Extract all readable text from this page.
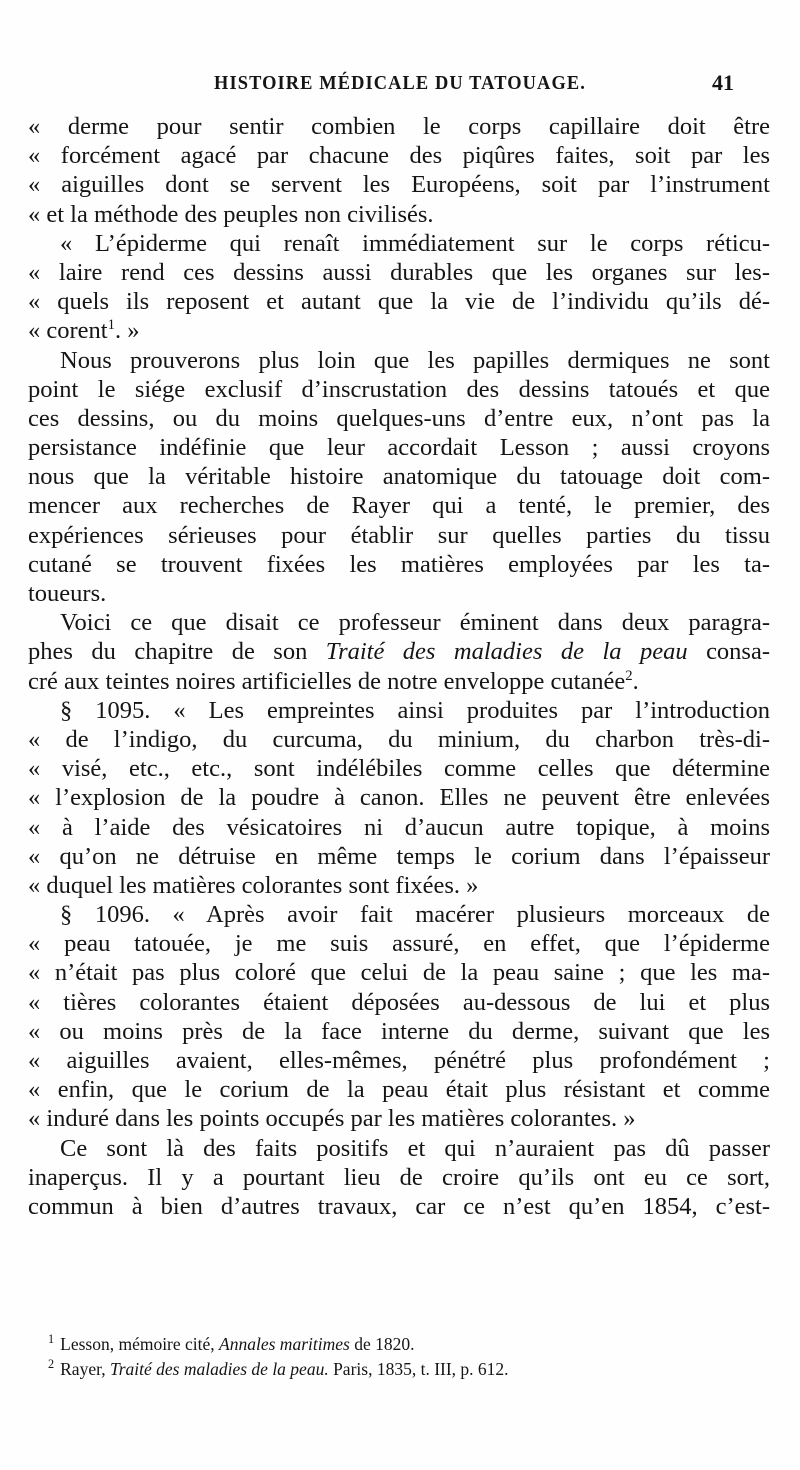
HISTOIRE MÉDICALE DU TATOUAGE.	41
« derme pour sentir combien le corps capillaire doit être
« forcément agacé par chacune des piqûres faites, soit par les
« aiguilles dont se servent les Européens, soit par l’instrument
« et la méthode des peuples non civilisés.
« L’épiderme qui renaît immédiatement sur le corps réticu-
« laire rend ces dessins aussi durables que les organes sur les-
« quels ils reposent et autant que la vie de l’individu qu’ils dé-
« corent$^1$. »
Nous prouverons plus loin que les papilles dermiques ne sont
point le siége exclusif d’inscrustation des dessins tatoués et que
ces dessins, ou du moins quelques-uns d’entre eux, n’ont pas la
persistance indéfinie que leur accordait Lesson ; aussi croyons
nous que la véritable histoire anatomique du tatouage doit com-
mencer aux recherches de Rayer qui a tenté, le premier, des
expériences sérieuses pour établir sur quelles parties du tissu
cutané se trouvent fixées les matières employées par les ta-
toueurs.
Voici ce que disait ce professeur éminent dans deux paragra-
phes du chapitre de son Traité des maladies de la peau consa-
cré aux teintes noires artificielles de notre enveloppe cutanée$^2$.
§ 1095. « Les empreintes ainsi produites par l’introduction
« de l’indigo, du curcuma, du minium, du charbon très-di-
« visé, etc., etc., sont indélébiles comme celles que détermine
« l’explosion de la poudre à canon. Elles ne peuvent être enlevées
« à l’aide des vésicatoires ni d’aucun autre topique, à moins
« qu’on ne détruise en même temps le corium dans l’épaisseur
« duquel les matières colorantes sont fixées. »
§ 1096. « Après avoir fait macérer plusieurs morceaux de
« peau tatouée, je me suis assuré, en effet, que l’épiderme
« n’était pas plus coloré que celui de la peau saine ; que les ma-
« tières colorantes étaient déposées au-dessous de lui et plus
« ou moins près de la face interne du derme, suivant que les
« aiguilles avaient, elles-mêmes, pénétré plus profondément ;
« enfin, que le corium de la peau était plus résistant et comme
« induré dans les points occupés par les matières colorantes. »
Ce sont là des faits positifs et qui n’auraient pas dû passer
inaperçus. Il y a pourtant lieu de croire qu’ils ont eu ce sort,
commun à bien d’autres travaux, car ce n’est qu’en 1854, c’est-
$^1$ Lesson, mémoire cité, Annales maritimes de 1820.
$^2$ Rayer, Traité des maladies de la peau. Paris, 1835, t. III, p. 612.
